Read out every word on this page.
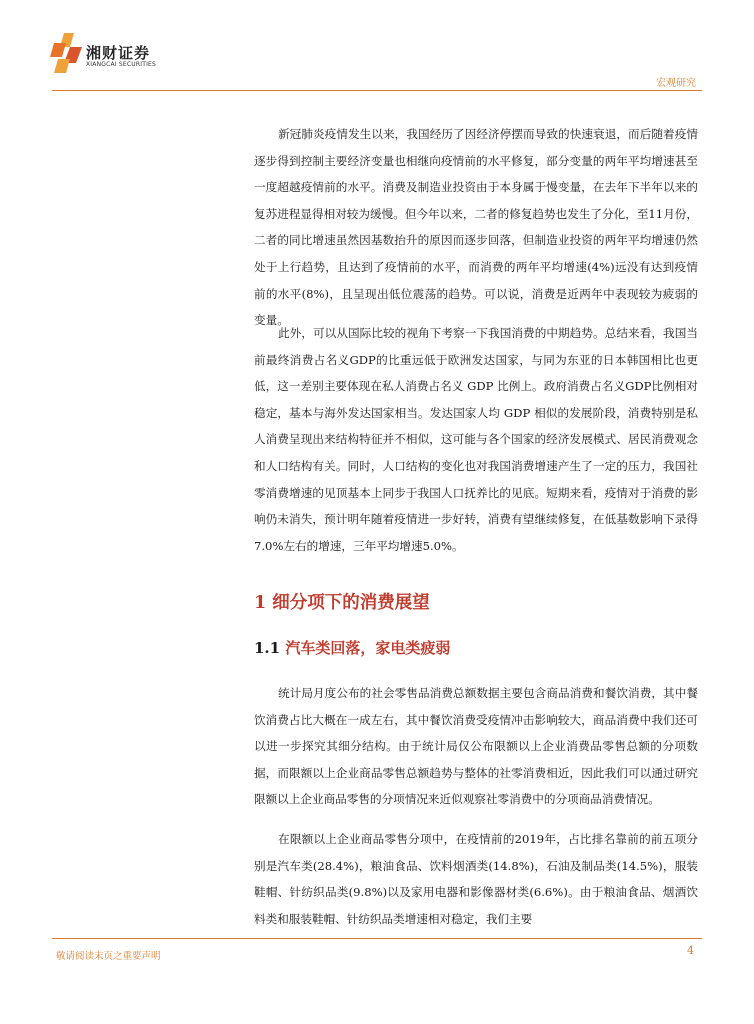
湘财证券
XIANGCAI SECURITIES
宏观研究

新冠肺炎疫情发生以来，我国经历了因经济停摆而导致的快速衰退，而后随着疫情逐步得到控制主要经济变量也相继向疫情前的水平修复，部分变量的两年平均增速甚至一度超越疫情前的水平。消费及制造业投资由于本身属于慢变量，在去年下半年以来的复苏进程显得相对较为缓慢。但今年以来，二者的修复趋势也发生了分化，至11月份，二者的同比增速虽然因基数抬升的原因而逐步回落，但制造业投资的两年平均增速仍然处于上行趋势，且达到了疫情前的水平，而消费的两年平均增速(4%)远没有达到疫情前的水平(8%)，且呈现出低位震荡的趋势。可以说，消费是近两年中表现较为疲弱的变量。

此外，可以从国际比较的视角下考察一下我国消费的中期趋势。总结来看，我国当前最终消费占名义GDP的比重远低于欧洲发达国家，与同为东亚的日本韩国相比也更低，这一差别主要体现在私人消费占名义 GDP 比例上。政府消费占名义GDP比例相对稳定，基本与海外发达国家相当。发达国家人均 GDP 相似的发展阶段，消费特别是私人消费呈现出来结构特征并不相似，这可能与各个国家的经济发展模式、居民消费观念和人口结构有关。同时，人口结构的变化也对我国消费增速产生了一定的压力，我国社零消费增速的见顶基本上同步于我国人口抚养比的见底。短期来看，疫情对于消费的影响仍未消失，预计明年随着疫情进一步好转，消费有望继续修复，在低基数影响下录得7.0%左右的增速，三年平均增速5.0%。

1 细分项下的消费展望
1.1 汽车类回落，家电类疲弱

统计局月度公布的社会零售品消费总额数据主要包含商品消费和餐饮消费，其中餐饮消费占比大概在一成左右，其中餐饮消费受疫情冲击影响较大，商品消费中我们还可以进一步探究其细分结构。由于统计局仅公布限额以上企业消费品零售总额的分项数据，而限额以上企业商品零售总额趋势与整体的社零消费相近，因此我们可以通过研究限额以上企业商品零售的分项情况来近似观察社零消费中的分项商品消费情况。

在限额以上企业商品零售分项中，在疫情前的2019年，占比排名靠前的前五项分别是汽车类(28.4%)，粮油食品、饮料烟酒类(14.8%)，石油及制品类(14.5%)，服装鞋帽、针纺织品类(9.8%)以及家用电器和影像器材类(6.6%)。由于粮油食品、烟酒饮料类和服装鞋帽、针纺织品类增速相对稳定，我们主要

敬请阅读末页之重要声明	4
